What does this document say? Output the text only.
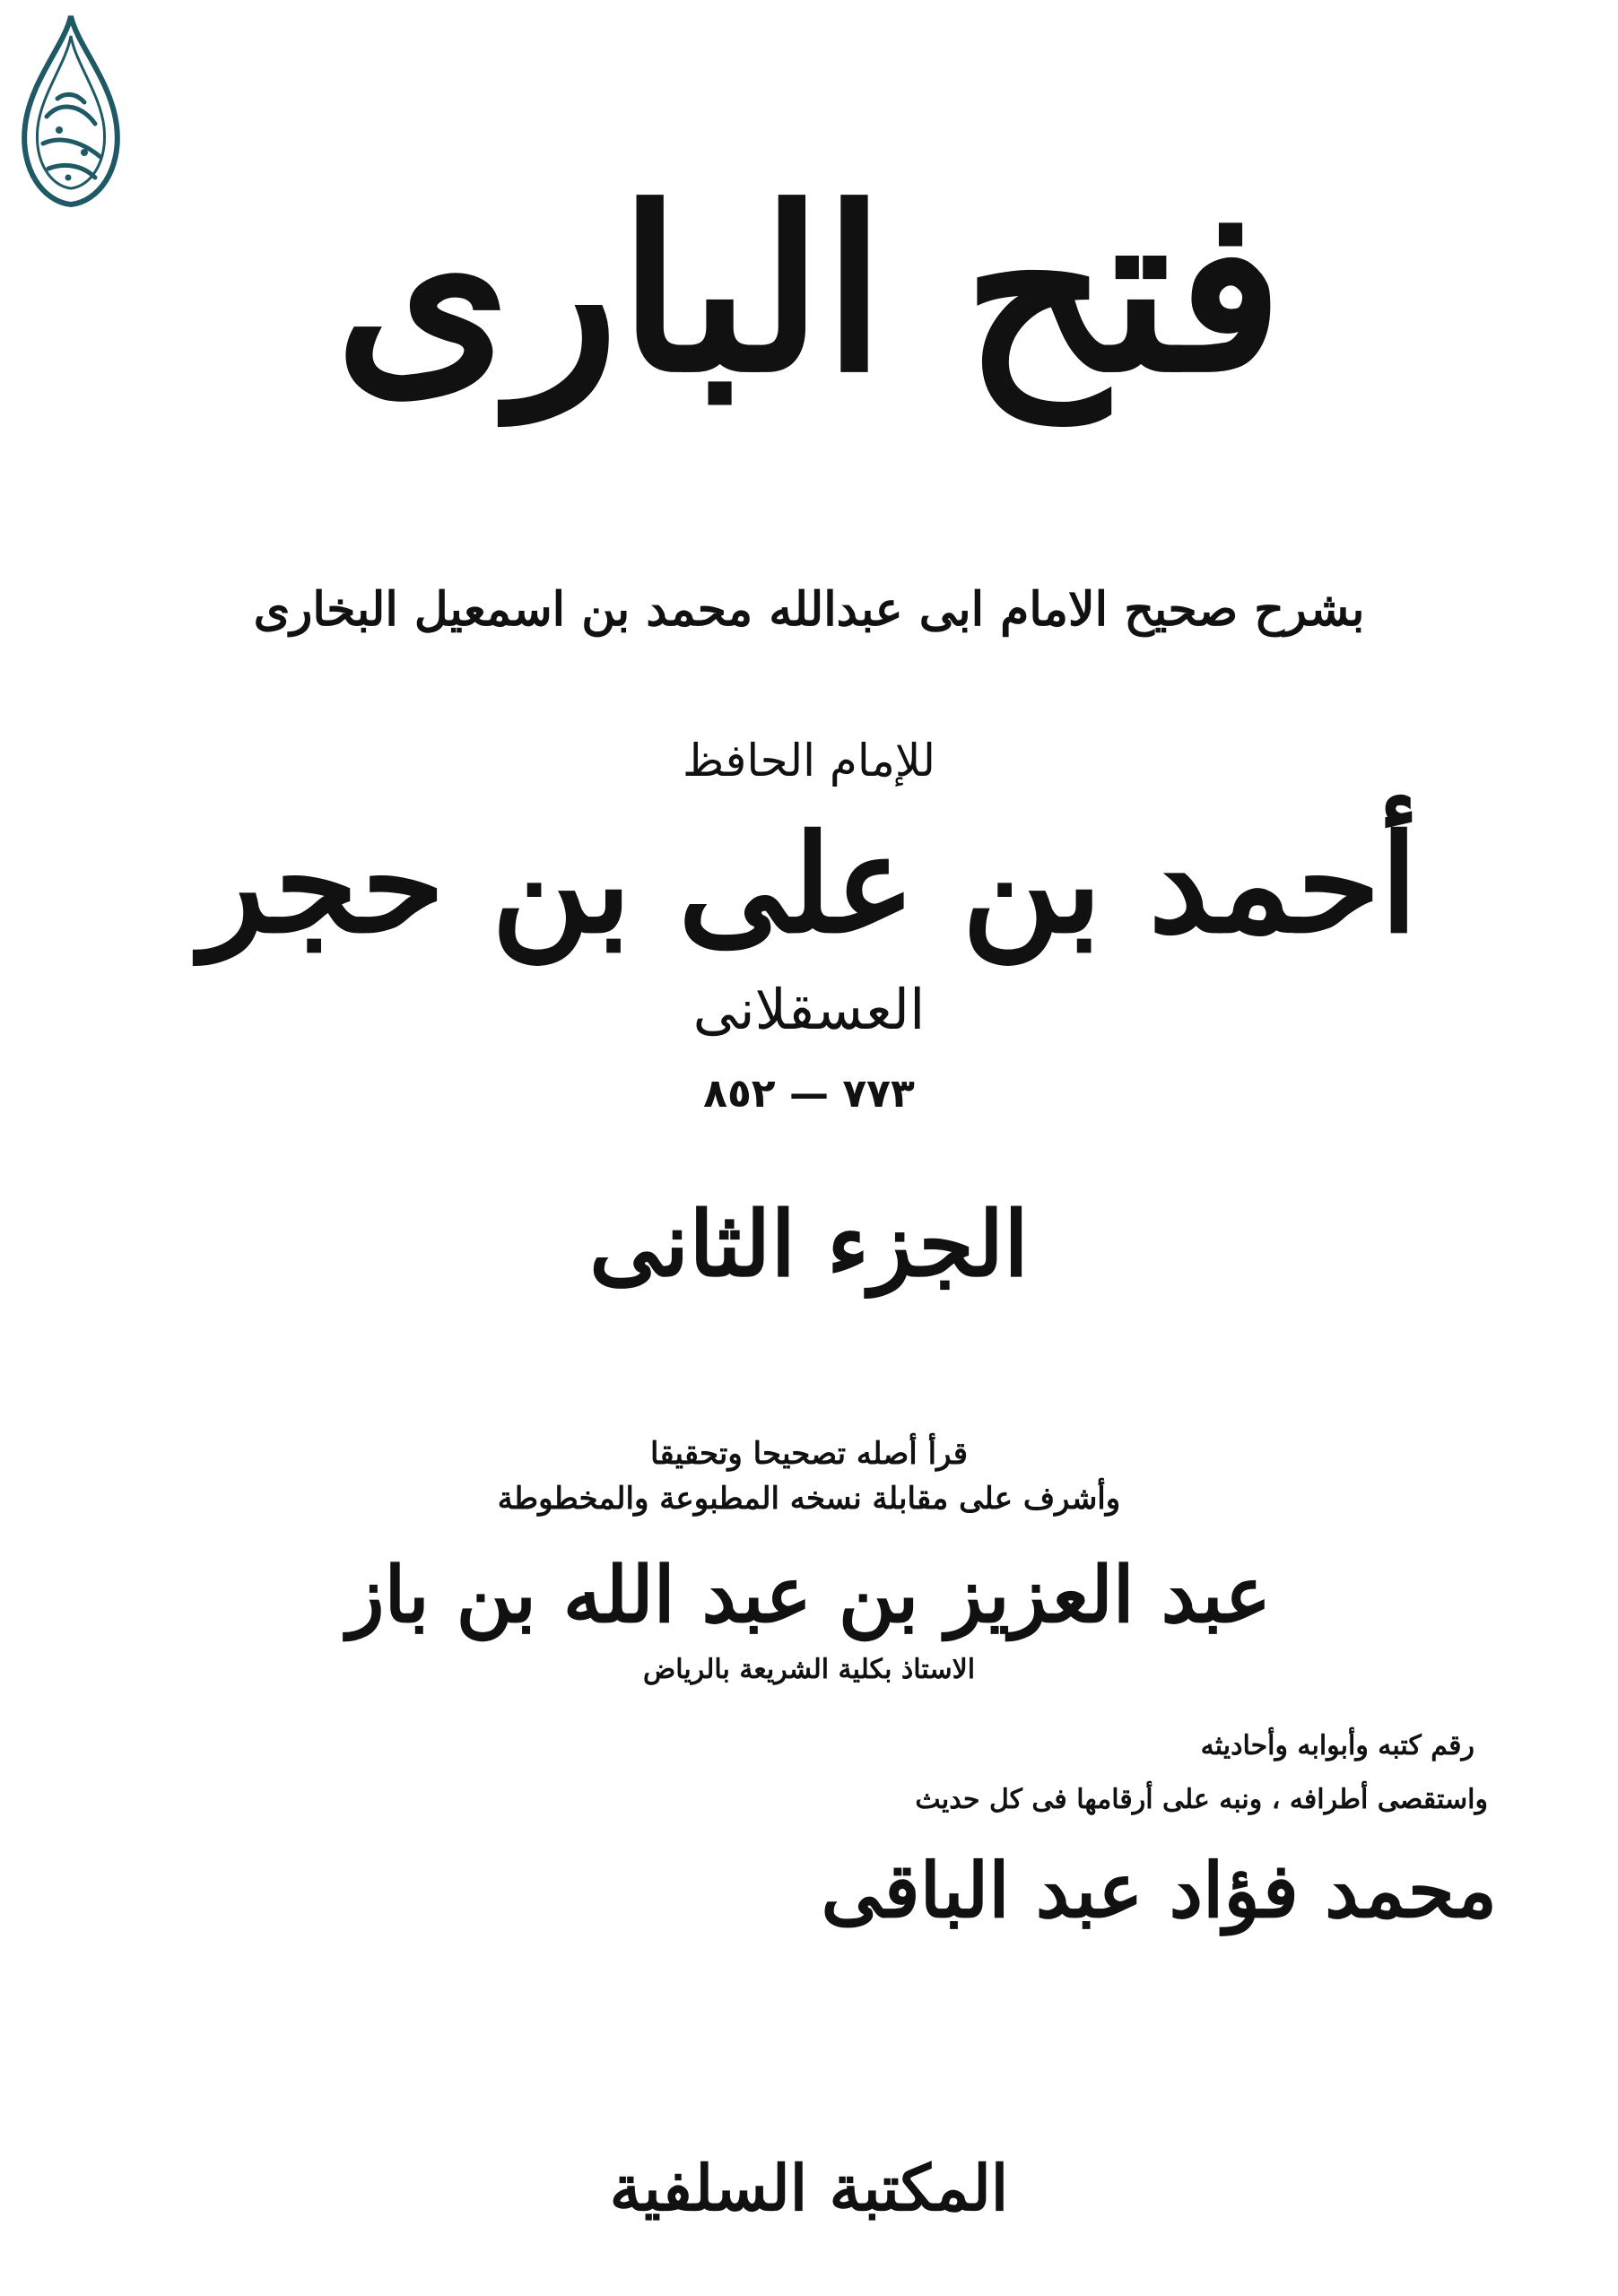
فتح البارى
بشرح صحيح الامام ابى عبدالله محمد بن اسمعيل البخارى
للإمام الحافظ
أحمد بن على بن حجر
العسقلانى
٧٧٣ — ٨٥٢
الجزء الثانى
قرأ أصله تصحيحا وتحقيقا
وأشرف على مقابلة نسخه المطبوعة والمخطوطة
عبد العزيز بن عبد الله بن باز
الاستاذ بكلية الشريعة بالرياض
رقم كتبه وأبوابه وأحاديثه
واستقصى أطرافه ، ونبه على أرقامها فى كل حديث
محمد فؤاد عبد الباقى
المكتبة السلفية
